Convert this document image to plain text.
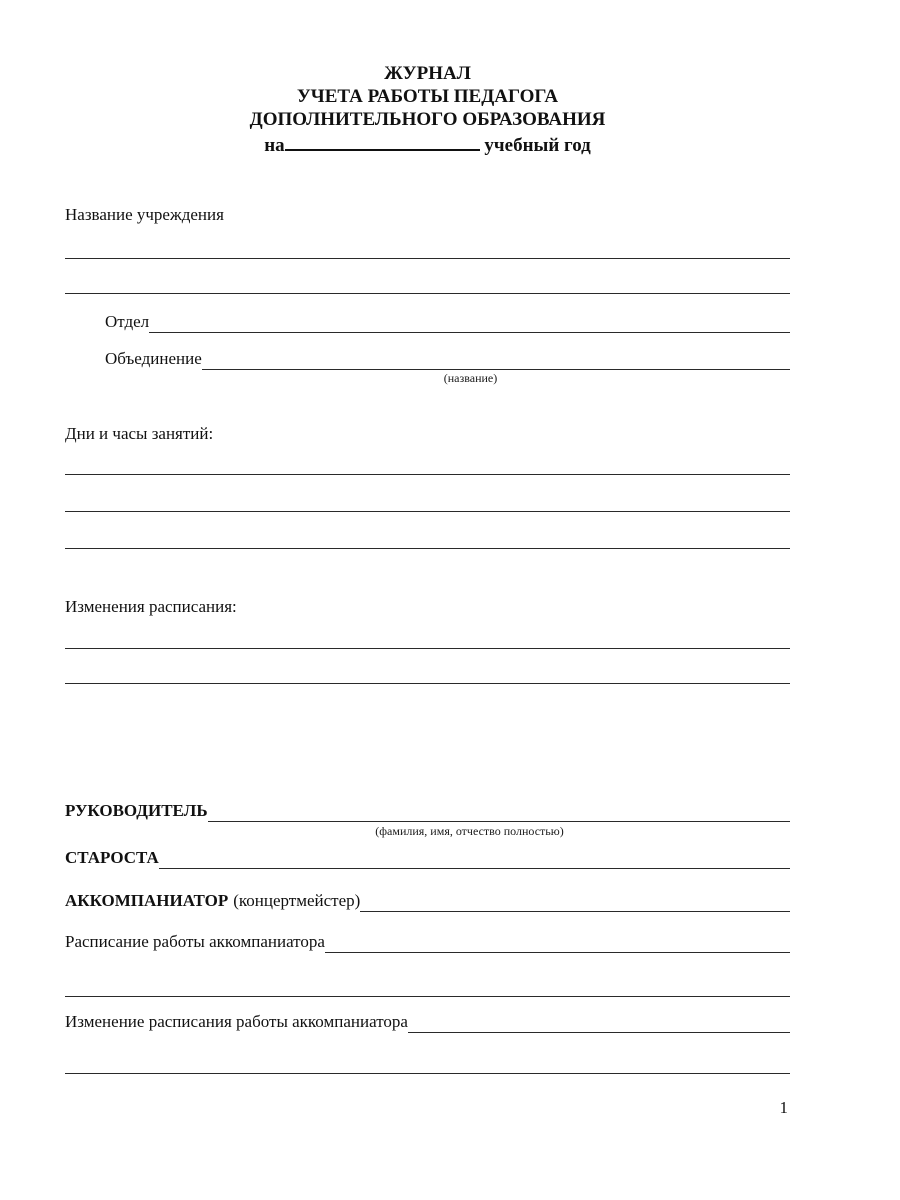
ЖУРНАЛ
УЧЕТА РАБОТЫ ПЕДАГОГА
ДОПОЛНИТЕЛЬНОГО ОБРАЗОВАНИЯ
на	учебный год
Название учреждения
Отдел
Объединение
(название)
Дни и часы занятий:
Изменения расписания:
РУКОВОДИТЕЛЬ
(фамилия, имя, отчество полностью)
СТАРОСТА
АККОМПАНИАТОР (концертмейстер)
Расписание работы аккомпаниатора
Изменение расписания работы аккомпаниатора
1
